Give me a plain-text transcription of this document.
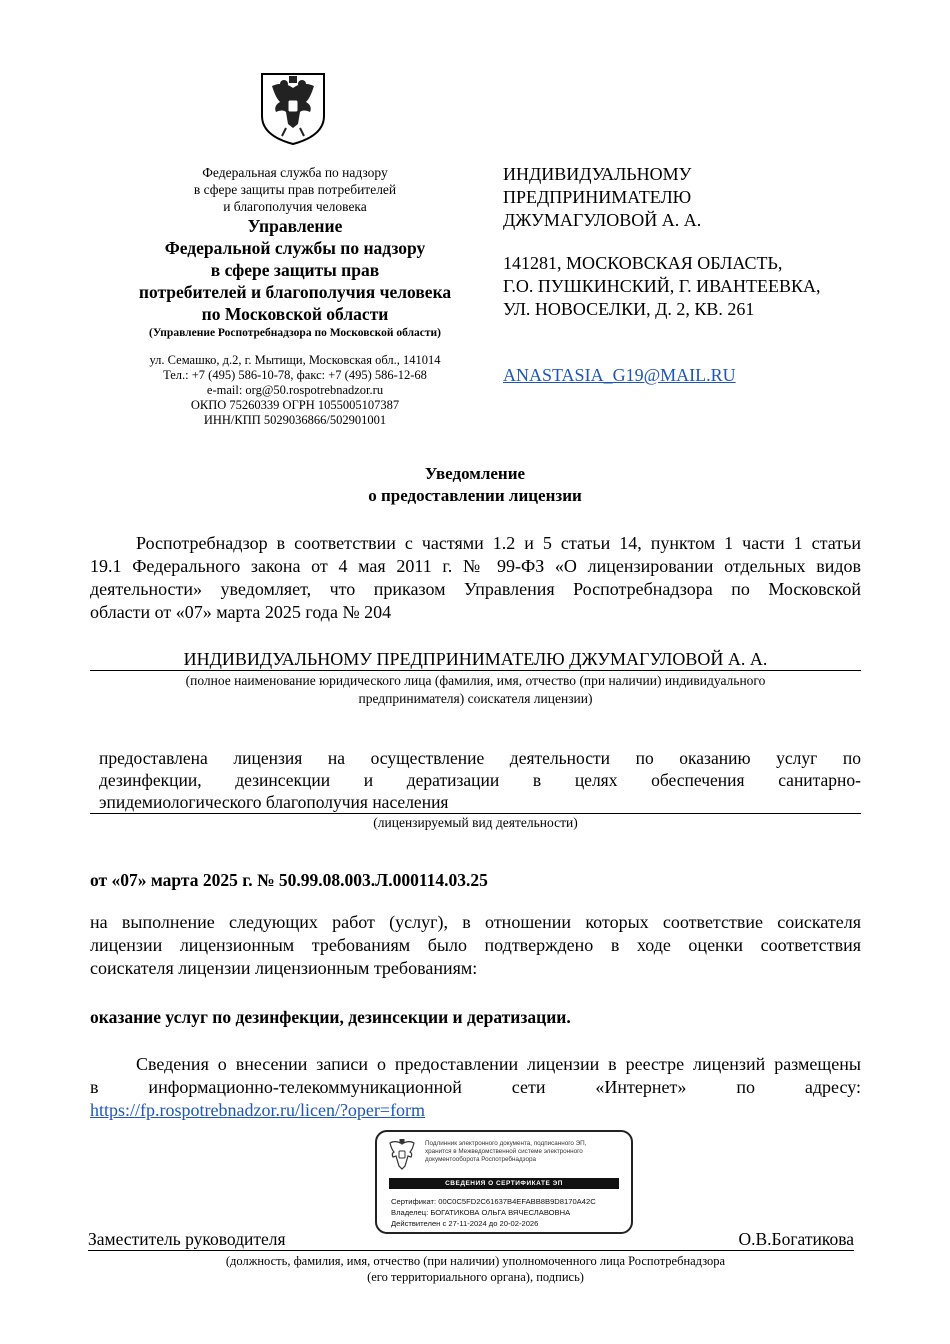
Федеральная служба по надзору
в сфере защиты прав потребителей
и благополучия человека
Управление
Федеральной службы по надзору
в сфере защиты прав
потребителей и благополучия человека
по Московской области
(Управление Роспотребнадзора по Московской области)
ул. Семашко, д.2, г. Мытищи, Московская обл., 141014
Тел.: +7 (495) 586-10-78, факс: +7 (495) 586-12-68
e-mail: org@50.rospotrebnadzor.ru
ОКПО 75260339 ОГРН 1055005107387
ИНН/КПП 5029036866/502901001
ИНДИВИДУАЛЬНОМУ
ПРЕДПРИНИМАТЕЛЮ
ДЖУМАГУЛОВОЙ А. А.
141281, МОСКОВСКАЯ ОБЛАСТЬ,
Г.О. ПУШКИНСКИЙ, Г. ИВАНТЕЕВКА,
УЛ. НОВОСЕЛКИ, Д. 2, КВ. 261
ANASTASIA_G19@MAIL.RU
Уведомление
о предоставлении лицензии
Роспотребнадзор в соответствии с частями 1.2 и 5 статьи 14, пунктом 1 части 1 статьи
19.1 Федерального закона от 4 мая 2011 г. № 99-ФЗ «О лицензировании отдельных видов
деятельности» уведомляет, что приказом Управления Роспотребнадзора по Московской
области от «07» марта 2025 года № 204
ИНДИВИДУАЛЬНОМУ ПРЕДПРИНИМАТЕЛЮ ДЖУМАГУЛОВОЙ А. А.
(полное наименование юридического лица (фамилия, имя, отчество (при наличии) индивидуального
предпринимателя) соискателя лицензии)
предоставлена лицензия на осуществление деятельности по оказанию услуг по
дезинфекции, дезинсекции и дератизации в целях обеспечения санитарно-
эпидемиологического благополучия населения
(лицензируемый вид деятельности)
от «07» марта 2025 г. № 50.99.08.003.Л.000114.03.25
на выполнение следующих работ (услуг), в отношении которых соответствие соискателя
лицензии лицензионным требованиям было подтверждено в ходе оценки соответствия
соискателя лицензии лицензионным требованиям:
оказание услуг по дезинфекции, дезинсекции и дератизации.
Сведения о внесении записи о предоставлении лицензии в реестре лицензий размещены
в информационно-телекоммуникационной сети «Интернет» по адресу:
https://fp.rospotrebnadzor.ru/licen/?oper=form
Подлинник электронного документа, подписанного ЭП,
хранится в Межведомственной системе электронного
документооборота Роспотребнадзора
СВЕДЕНИЯ О СЕРТИФИКАТЕ ЭП
Сертификат: 00C0C5FD2C61637B4EFABB8B9D8170A42C
Владелец: БОГАТИКОВА ОЛЬГА ВЯЧЕСЛАВОВНА
Действителен с 27-11-2024 до 20-02-2026
Заместитель руководителя	О.В.Богатикова
(должность, фамилия, имя, отчество (при наличии) уполномоченного лица Роспотребнадзора
(его территориального органа), подпись)
